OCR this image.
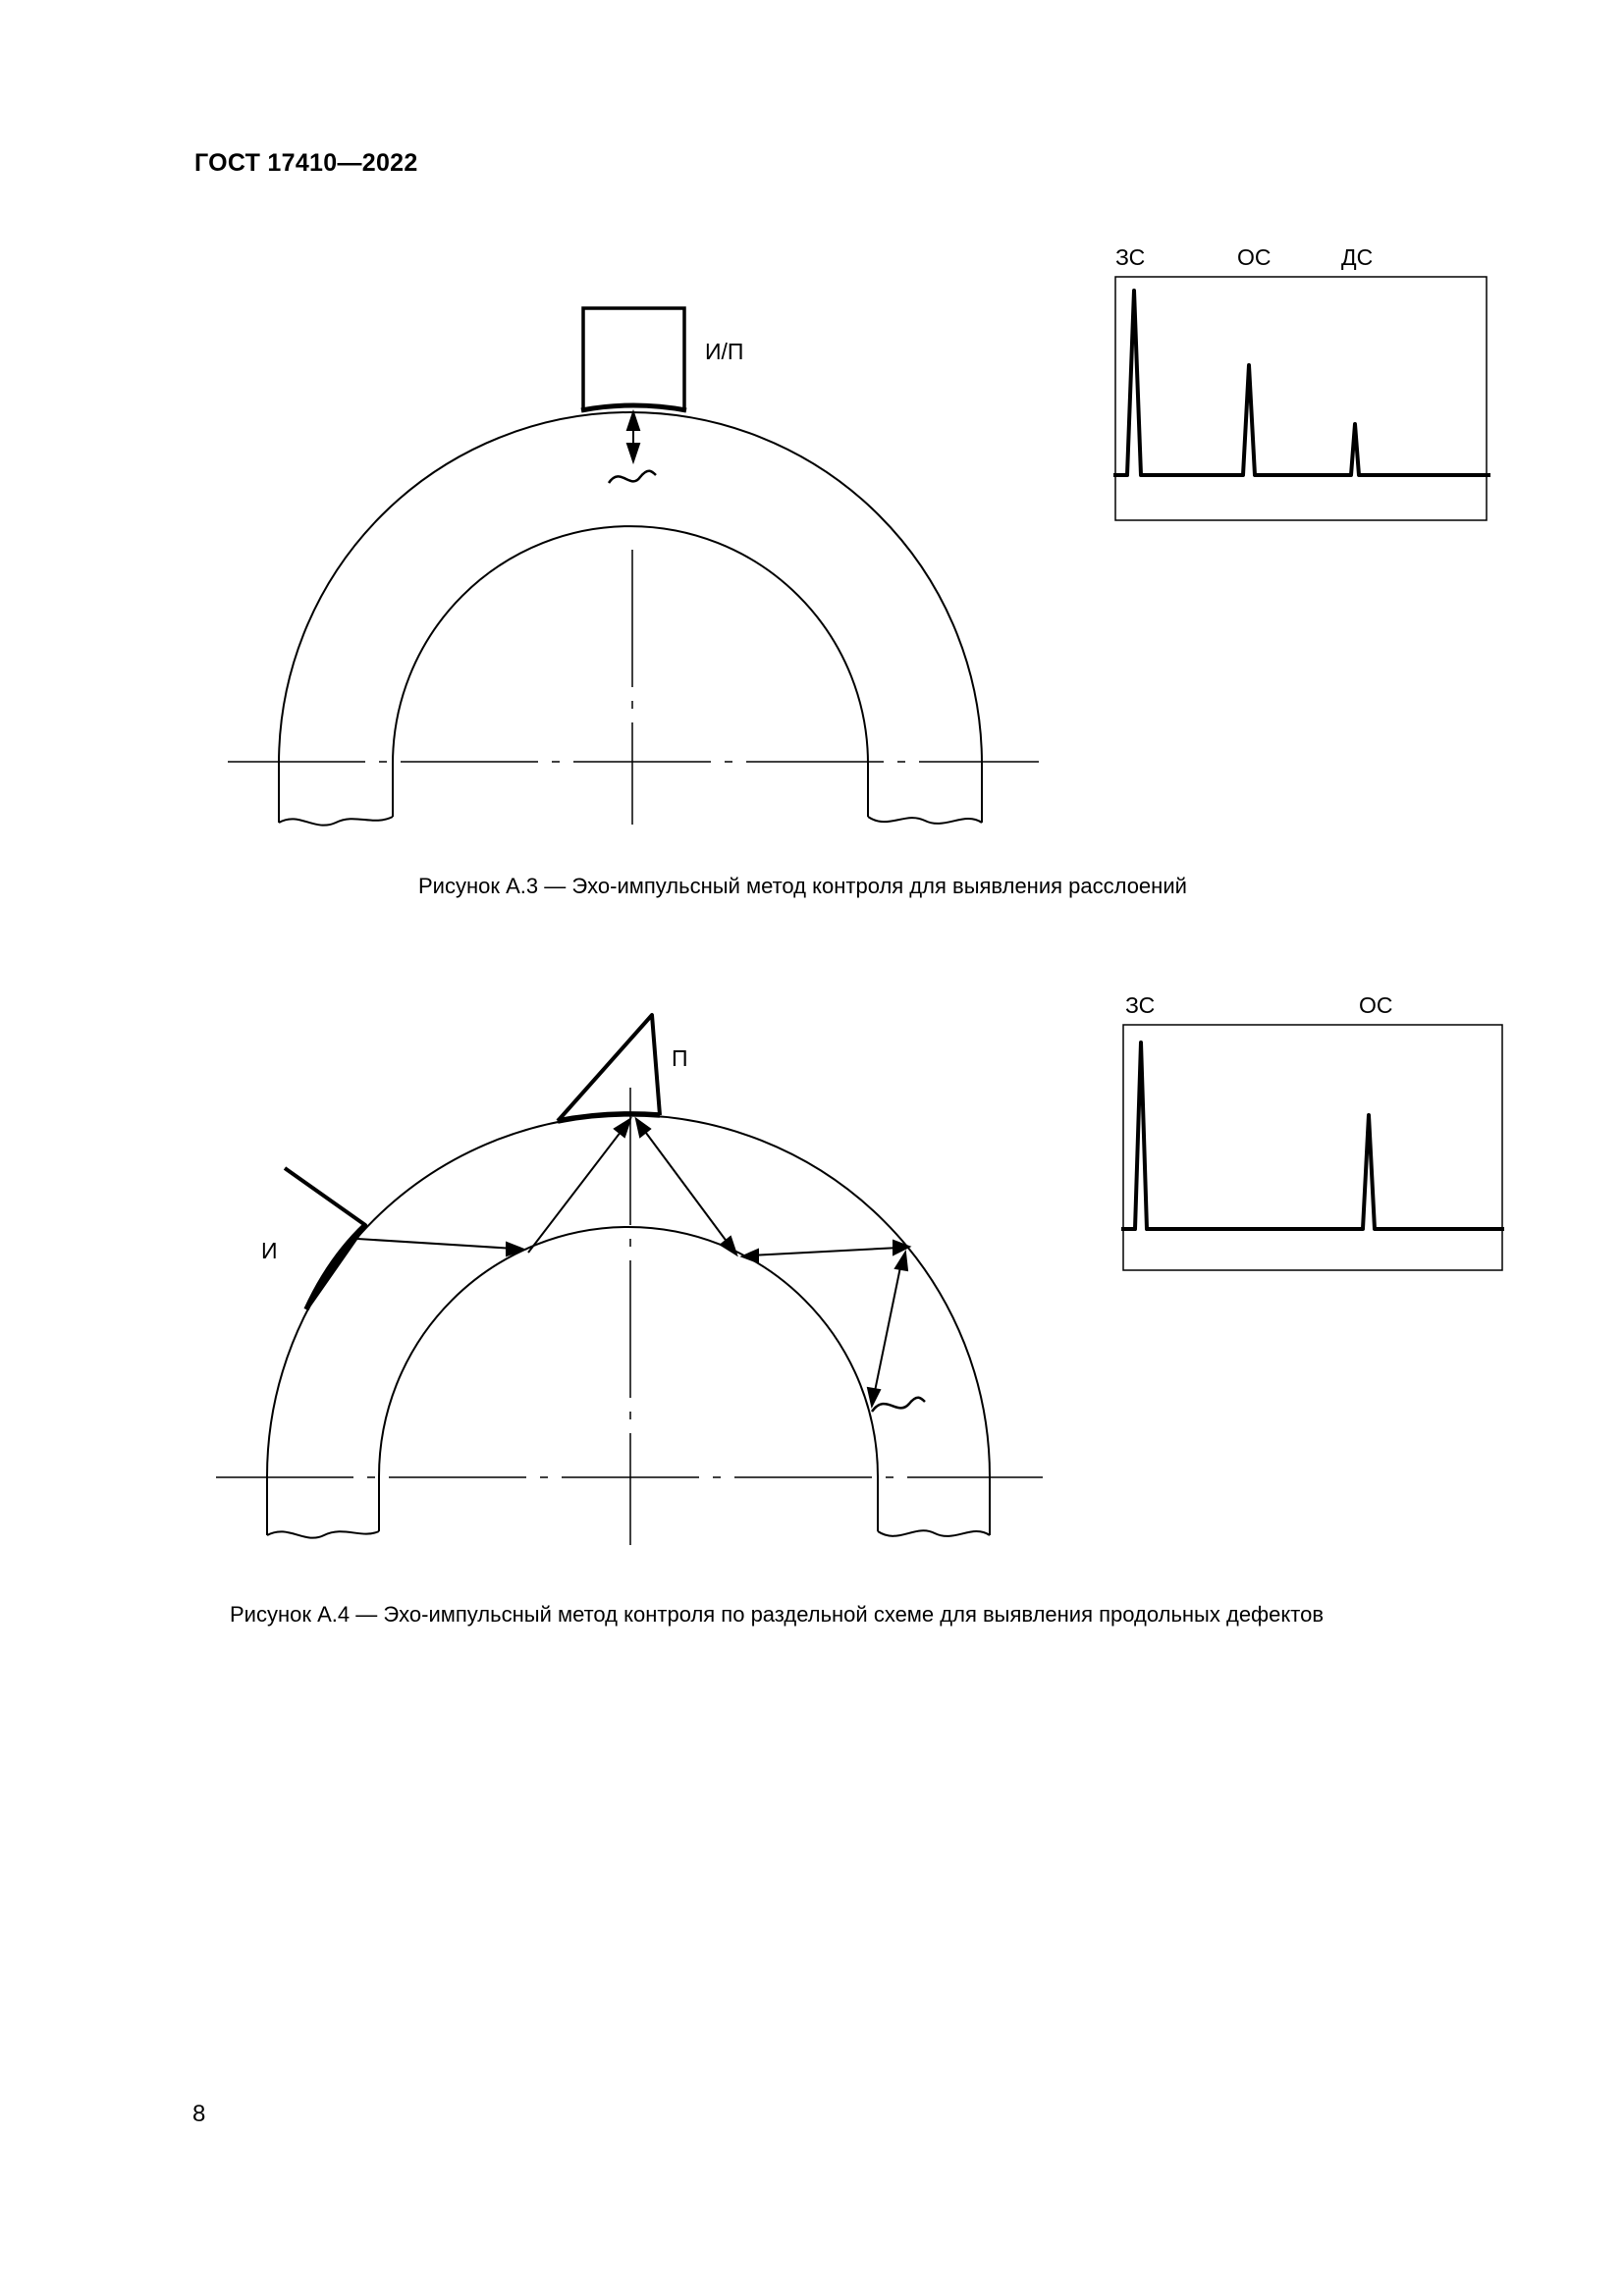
ГОСТ 17410—2022
И/П
ЗС	ОС	ДС
Рисунок А.3 — Эхо-импульсный метод контроля для выявления расслоений
И
П
ЗС	ОС
Рисунок А.4 — Эхо-импульсный метод контроля по раздельной схеме для выявления продольных дефектов
8
